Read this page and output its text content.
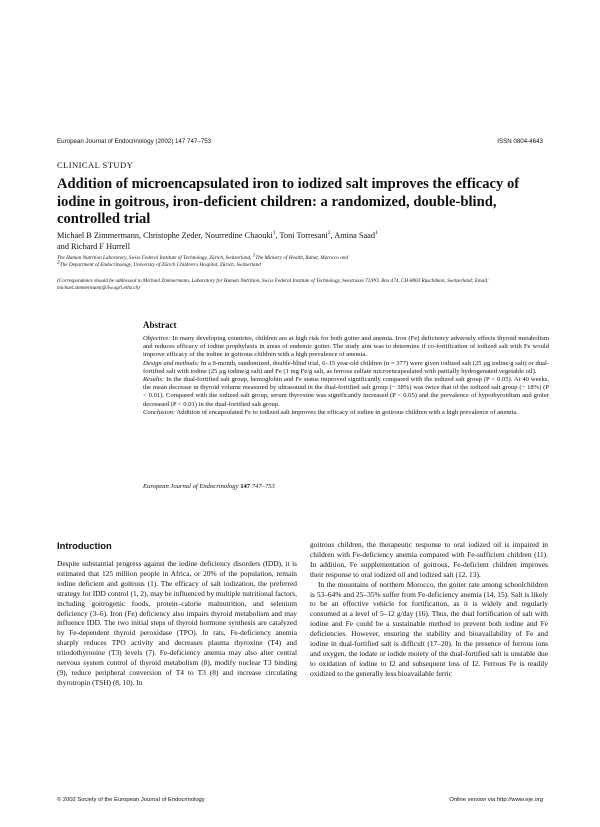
European Journal of Endocrinology (2002) 147 747–753	ISSN 0804-4643
CLINICAL STUDY
Addition of microencapsulated iron to iodized salt improves the efficacy of iodine in goitrous, iron-deficient children: a randomized, double-blind, controlled trial
Michael B Zimmermann, Christophe Zeder, Nourredine Chaouki$^1$, Toni Torresani$^2$, Amina Saad$^1$
and Richard F Hurrell
The Human Nutrition Laboratory, Swiss Federal Institute of Technology, Zürich, Switzerland, $^1$The Ministry of Health, Rabat, Morocco and
$^2$The Department of Endocrinology, University of Zürich Children's Hospital, Zürich, Switzerland
(Correspondence should be addressed to Michael Zimmermann, Laboratory for Human Nutrition, Swiss Federal Institute of Technology, Seestrasse 72/PO. Box 474, CH-8803 Rüschlikon, Switzerland; Email: michael.zimmermann@ilw.agrl.ethz.ch)
Abstract
Objective: In many developing countries, children are at high risk for both goiter and anemia. Iron (Fe) deficiency adversely effects thyroid metabolism and reduces efficacy of iodine prophylaxis in areas of endemic goiter. The study aim was to determine if co-fortification of iodized salt with Fe would improve efficacy of the iodine in goitrous children with a high prevalence of anemia.
Design and methods: In a 9-month, randomized, double-blind trial, 6–15 year-old children (n = 377) were given iodized salt (25 µg iodine/g salt) or dual-fortified salt with iodine (25 µg iodine/g salt) and Fe (1 mg Fe/g salt, as ferrous sulfate microencapsulated with partially hydrogenated vegetable oil).
Results: In the dual-fortified salt group, hemoglobin and Fe status improved significantly compared with the iodized salt group (P < 0.05). At 40 weeks, the mean decrease in thyroid volume measured by ultrasound in the dual-fortified salt group (− 38%) was twice that of the iodized salt group (− 18%) (P < 0.01). Compared with the iodized salt group, serum thyroxine was significantly increased (P < 0.05) and the prevalence of hypothyroidism and goiter decreased (P < 0.01) in the dual-fortified salt group.
Conclusion: Addition of encapsulated Fe to iodized salt improves the efficacy of iodine in goitrous children with a high prevalence of anemia.
European Journal of Endocrinology 147 747–753
Introduction

Despite substantial progress against the iodine deficiency disorders (IDD), it is estimated that 125 million people in Africa, or 20% of the population, remain iodine deficient and goitrous (1). The efficacy of salt iodization, the preferred strategy for IDD control (1, 2), may be influenced by multiple nutritional factors, including goitrogenic foods, protein–calorie malnutrition, and selenium deficiency (3–6). Iron (Fe) deficiency also impairs thyroid metabolism and may influence IDD. The two initial steps of thyroid hormone synthesis are catalyzed by Fe-dependent thyroid peroxidase (TPO). In rats, Fe-deficiency anemia sharply reduces TPO activity and decreases plasma thyroxine (T4) and triiodothyronine (T3) levels (7). Fe-deficiency anemia may also alter central nervous system control of thyroid metabolism (8), modify nuclear T3 binding (9), reduce peripheral conversion of T4 to T3 (8) and increase circulating thyrotropin (TSH) (8, 10). In

goitrous children, the therapeutic response to oral iodized oil is impaired in children with Fe-deficiency anemia compared with Fe-sufficient children (11). In addition, Fe supplementation of goitrous, Fe-deficient children improves their response to oral iodized oil and iodized salt (12, 13).

In the mountains of northern Morocco, the goiter rate among schoolchildren is 53–64% and 25–35% suffer from Fe-deficiency anemia (14, 15). Salt is likely to be an effective vehicle for fortification, as it is widely and regularly consumed at a level of 5–12 g/day (16). Thus, the dual fortification of salt with iodine and Fe could be a sustainable method to prevent both iodine and Fe deficiencies. However, ensuring the stability and bioavailability of Fe and iodine in dual-fortified salt is difficult (17–20). In the presence of ferrous ions and oxygen, the iodate or iodide moiety of the dual-fortified salt is unstable due to oxidation of iodine to I2 and subsequent loss of I2. Ferrous Fe is readily oxidized to the generally less bioavailable ferric

© 2002 Society of the European Journal of Endocrinology	Online version via http://www.eje.org
